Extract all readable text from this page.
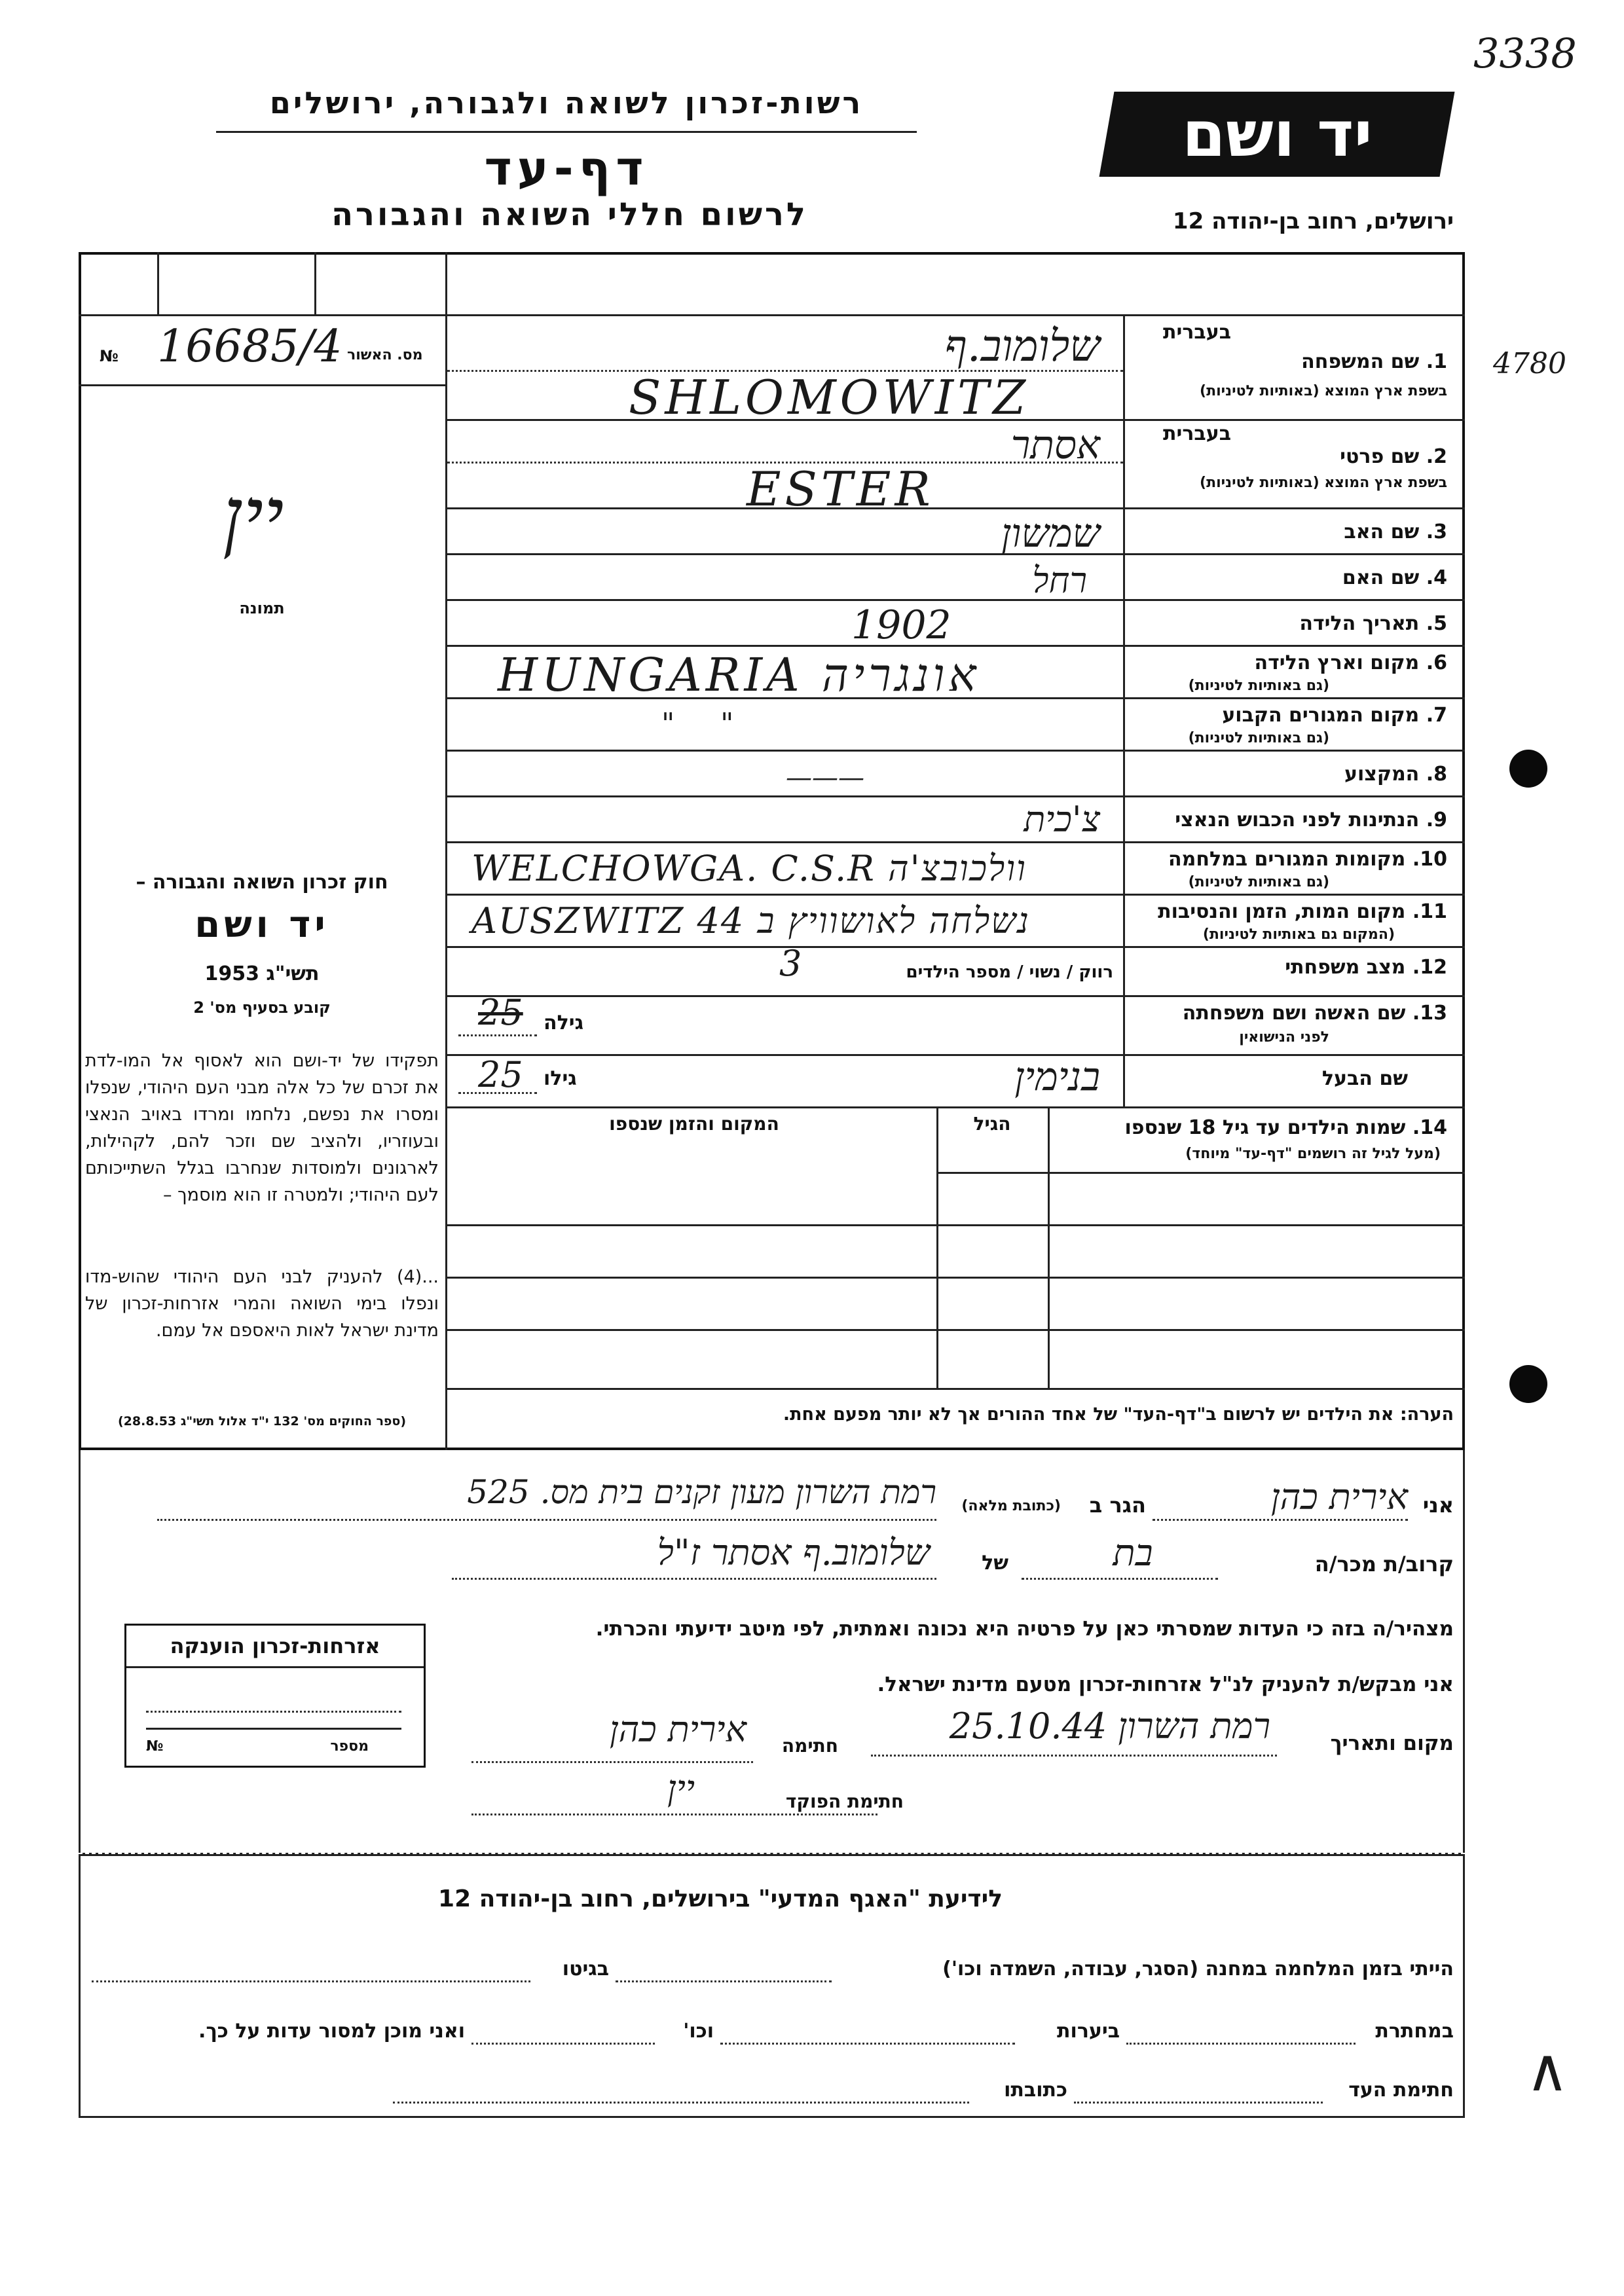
3338
4780
∧
רשות-זכרון לשואה ולגבורה, ירושלים
דף-עד
לרשום חללי השואה והגבורה
יד ושם
ירושלים, רחוב בן-יהודה 12
№ 16685/4 מס. האשור
יין
תמונה
חוק זכרון השואה והגבורה –
יד ושם
תשי"ג 1953
קובע בסעיף מס' 2
תפקידו של יד-ושם הוא לאסוף אל המו-לדת את זכרם של כל אלה מבני העם היהודי, שנפלו ומסרו את נפשם, נלחמו ומרדו באויב הנאצי ובעוזריו, ולהציב שם וזכר להם, לקהילות, לארגונים ולמוסדות שנחרבו בגלל השתייכותם לעם היהודי; ולמטרה זו הוא מוסמך –
...(4) להעניק לבני העם היהודי שהוש-מדו ונפלו בימי השואה והמרי אזרחות-זכרון של מדינת ישראל לאות היאספם אל עמם.
(ספר החוקים מס' 132 י"ד אלול תשי"ג 28.8.53)
בעברית
1. שם המשפחה
בשפת ארץ המוצא (באותיות לטיניות)
שלומוב.ף
SHLOMOWITZ
בעברית
2. שם פרטי
בשפת ארץ המוצא (באותיות לטיניות)
אסתר
ESTER
3. שם האב
שמשון
4. שם האם
רחל
5. תאריך הלידה
1902
6. מקום וארץ הלידה
(גם באותיות לטיניות)
HUNGARIA אונגריה
7. מקום המגורים הקבוע
(גם באותיות לטיניות)
"     "
8. המקצוע
———
9. הנתינות לפני הכבוש הנאצי
צ'כית
10. מקומות המגורים במלחמה
(גם באותיות לטיניות)
WELCHOWGA. C.S.R וולכובצ'ה
11. מקום המות, הזמן והנסיבות
(המקום גם באותיות לטיניות)
AUSZWITZ 44 נשלחה לאושוויץ ב
12. מצב משפחתי
רווק / נשוי / מספר הילדים
3
13. שם האשה ושם משפחתה
לפני הנישואין
25 גילה
שם הבעל
25 גילו	בנימין
14. שמות הילדים עד גיל 18 שנספו
(מעל לגיל זה רושמים "דף-עד" מיוחד)
הגיל
המקום והזמן שנספו
הערה: את הילדים יש לרשום ב"דף-העד" של אחד ההורים אך לא יותר מפעם אחת.
אני
אירית כהן
הגר ב
(כתובת מלאה)
רמת השרון מעון זקנים בית מס. 525
קרוב/ת מכר/ה
בת
של
שלומוב.ף אסתר ז"ל
מצהיר/ה בזה כי העדות שמסרתי כאן על פרטיה היא נכונה ואמתית, לפי מיטב ידיעתי והכרתי.
אני מבקש/ת להעניק לנ"ל אזרחות-זכרון מטעם מדינת ישראל.
מקום ותאריך
רמת השרון 25.10.44
חתימה
אירית כהן
יין	חתימת הפוקד
אזרחות-זכרון הוענקה
מספר
№
לידיעת "האגף המדעי" בירושלים, רחוב בן-יהודה 12
הייתי בזמן המלחמה במחנה (הסגר, עבודה, השמדה וכו')
בגיטו
במחתרת
ביערות
וכו'
ואני מוכן למסור עדות על כך.
חתימת העד
כתובתו
